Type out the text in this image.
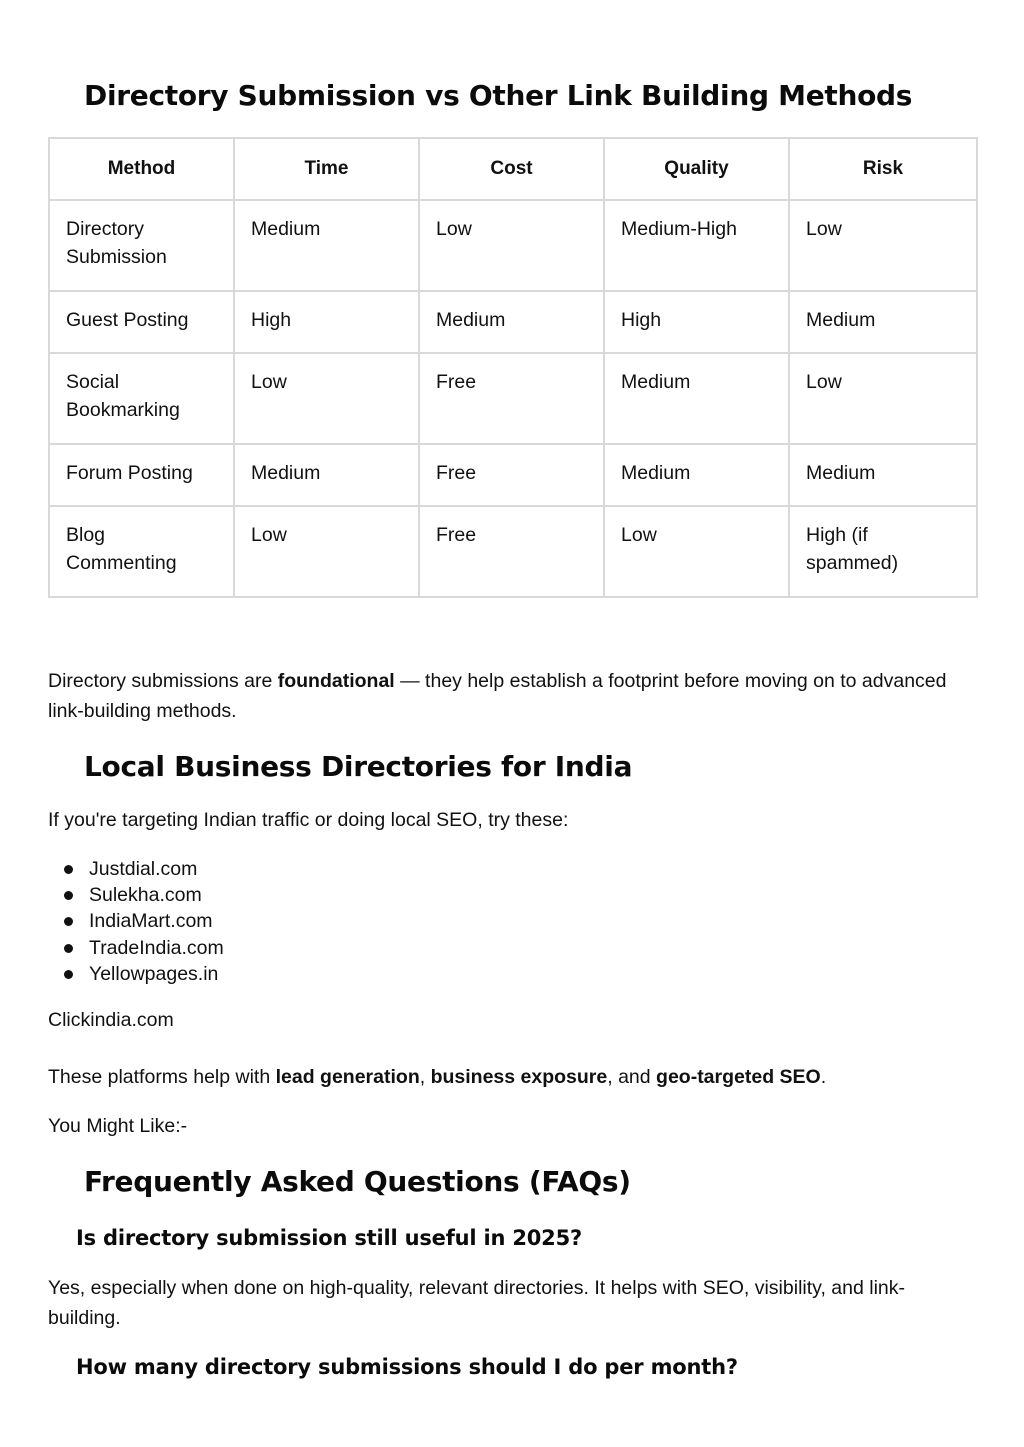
Directory Submission vs Other Link Building Methods
Method	Time	Cost	Quality	Risk
Directory Submission	Medium	Low	Medium-High	Low
Guest Posting	High	Medium	High	Medium
Social Bookmarking	Low	Free	Medium	Low
Forum Posting	Medium	Free	Medium	Medium
Blog Commenting	Low	Free	Low	High (if spammed)

Directory submissions are foundational — they help establish a footprint before moving on to advanced link-building methods.

Local Business Directories for India

If you're targeting Indian traffic or doing local SEO, try these:

Justdial.com
Sulekha.com
IndiaMart.com
TradeIndia.com
Yellowpages.in

Clickindia.com

These platforms help with lead generation, business exposure, and geo-targeted SEO.

You Might Like:-

Frequently Asked Questions (FAQs)
Is directory submission still useful in 2025?

Yes, especially when done on high-quality, relevant directories. It helps with SEO, visibility, and link-building.

How many directory submissions should I do per month?
